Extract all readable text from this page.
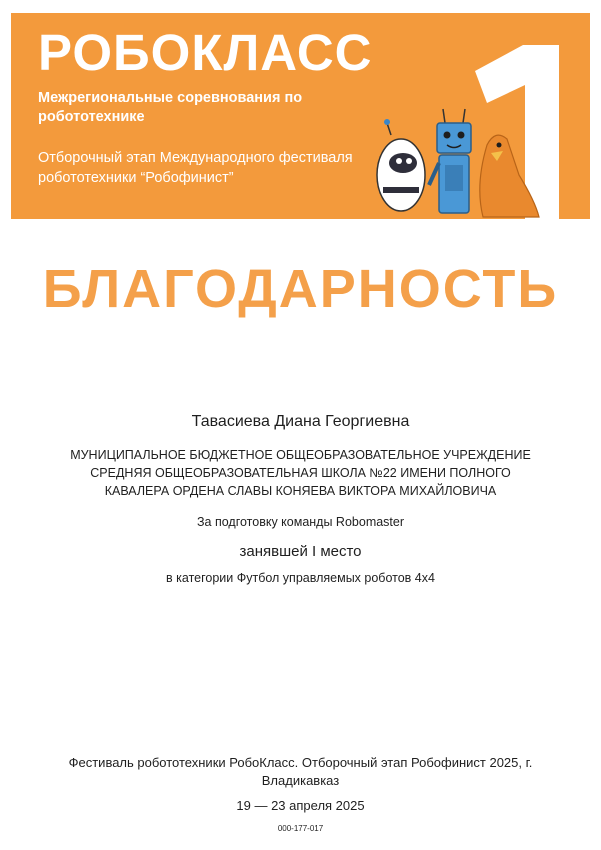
РОБОКЛАСС
Межрегиональные соревнования по робототехнике
Отборочный этап Международного фестиваля робототехники “Робофинист”
1
БЛАГОДАРНОСТЬ
Тавасиева Диана Георгиевна
МУНИЦИПАЛЬНОЕ БЮДЖЕТНОЕ ОБЩЕОБРАЗОВАТЕЛЬНОЕ УЧРЕЖДЕНИЕ СРЕДНЯЯ ОБЩЕОБРАЗОВАТЕЛЬНАЯ ШКОЛА №22 ИМЕНИ ПОЛНОГО КАВАЛЕРА ОРДЕНА СЛАВЫ КОНЯЕВА ВИКТОРА МИХАЙЛОВИЧА
За подготовку команды Robomaster
занявшей I место
в категории Футбол управляемых роботов 4x4
Фестиваль робототехники РобоКласс. Отборочный этап Робофинист 2025, г. Владикавказ
19 — 23 апреля 2025
000-177-017
